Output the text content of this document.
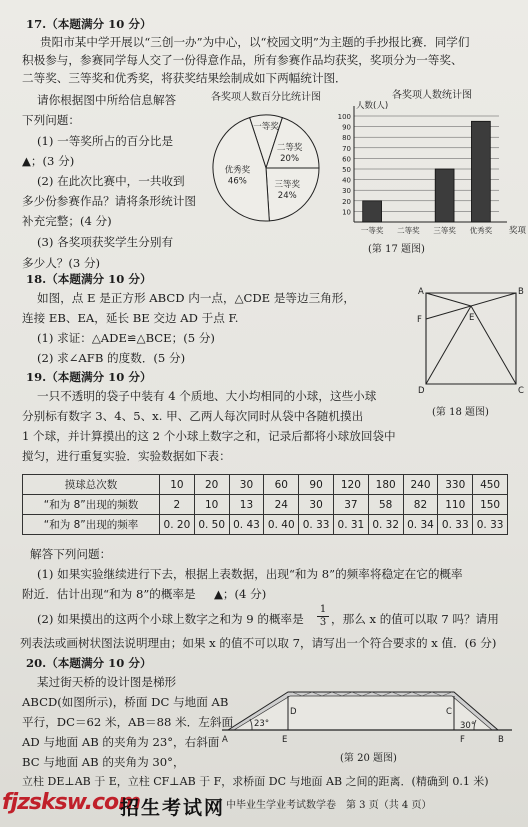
17.（本题满分 10 分）
贵阳市某中学开展以“三创一办”为中心，以“校园文明”为主题的手抄报比赛．同学们
积极参与，参赛同学每人交了一份得意作品，所有参赛作品均获奖，奖项分为一等奖、
二等奖、三等奖和优秀奖，将获奖结果绘制成如下两幅统计图．
请你根据图中所给信息解答
下列问题：
(1) 一等奖所占的百分比是
▲；(3 分)
(2) 在此次比赛中，一共收到
多少份参赛作品？请将条形统计图
补充完整；(4 分)
(3) 各奖项获奖学生分别有
多少人？(3 分)
各奖项人数百分比统计图
一等奖
二等奖
20%
三等奖
24%
优秀奖
46%
各奖项人数统计图
10
20
30
40
50
60
70
80
90
100
人数(人)
奖项
一等奖 二等奖 三等奖 优秀奖
(第 17 题图)
18.（本题满分 10 分）
如图，点 E 是正方形 ABCD 内一点，△CDE 是等边三角形，
连接 EB、EA，延长 BE 交边 AD 于点 F.
(1) 求证：△ADE≌△BCE；(5 分)
(2) 求∠AFB 的度数．(5 分)
A	B
C
D
E
F
(第 18 题图)
19.（本题满分 10 分）
一只不透明的袋子中装有 4 个质地、大小均相同的小球，这些小球
分别标有数字 3、4、5、x. 甲、乙两人每次同时从袋中各随机摸出
1 个球，并计算摸出的这 2 个小球上数字之和，记录后都将小球放回袋中
搅匀，进行重复实验．实验数据如下表：
摸球总次数	10	20	30	60	90	120	180	240	330	450
“和为 8”出现的频数	2	10	13	24	30	37	58	82	110	150
“和为 8”出现的频率	0. 20	0. 50	0. 43	0. 40	0. 33	0. 31	0. 32	0. 34	0. 33	0. 33
解答下列问题：
(1) 如果实验继续进行下去，根据上表数据，出现“和为 8”的频率将稳定在它的概率
附近．估计出现“和为 8”的概率是 ▲；(4 分)
(2) 如果摸出的这两个小球上数字之和为 9 的概率是
1
3 ，那么 x 的值可以取 7 吗？请用
列表法或画树状图法说明理由；如果 x 的值不可以取 7，请写出一个符合要求的 x 值．(6 分)
20.（本题满分 10 分）
某过街天桥的设计图是梯形
ABCD(如图所示)，桥面 DC 与地面 AB
平行，DC＝62 米，AB＝88 米．左斜面
AD 与地面 AB 的夹角为 23°，右斜面
BC 与地面 AB 的夹角为 30°，
立柱 DE⊥AB 于 E，立柱 CF⊥AB 于 F，求桥面 DC 与地面 AB 之间的距离．(精确到 0.1 米)
23°	30°
A	E	F	B
D	C
(第 20 题图)
中毕业生学业考试数学卷　第 3 页（共 4 页）
fjzsksw.com
招生考试网
